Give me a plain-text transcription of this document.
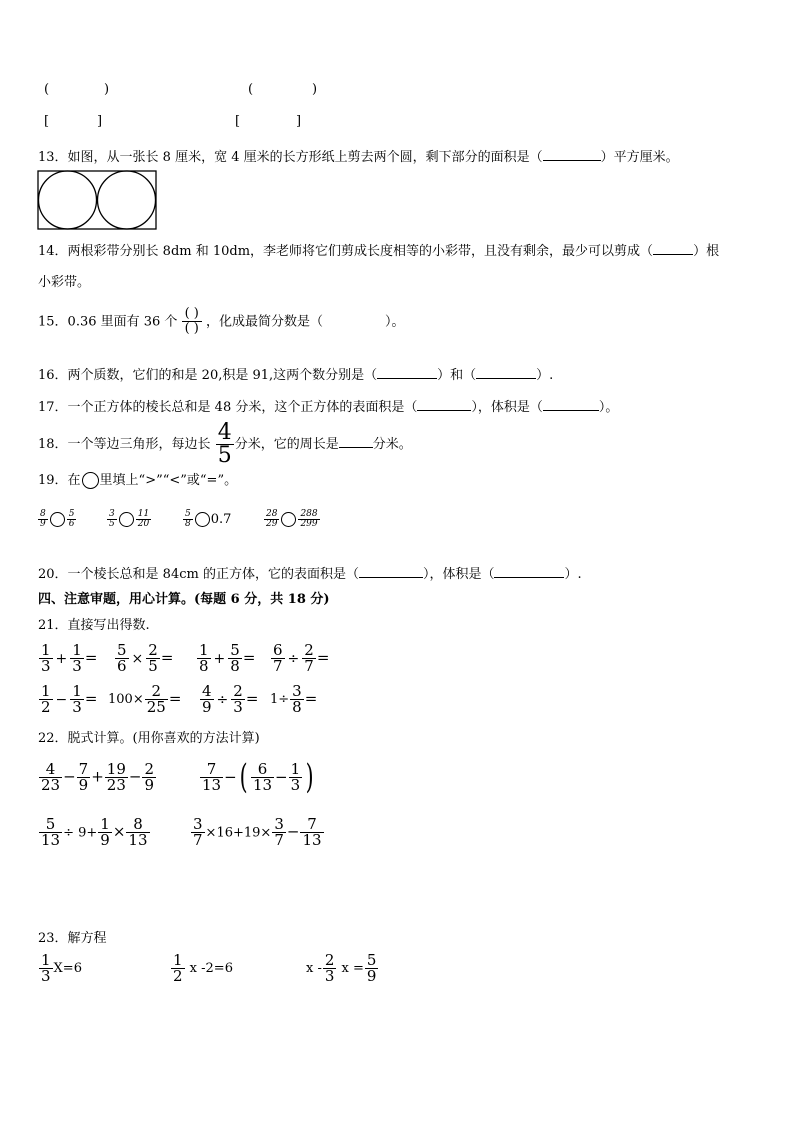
(	)	(	)
[	]	[	]
13．如图，从一张长 8 厘米，宽 4 厘米的长方形纸上剪去两个圆，剩下部分的面积是（	）平方厘米。
14．两根彩带分别长 8dm 和 10dm，李老师将它们剪成长度相等的小彩带，且没有剩余，最少可以剪成（	）根
小彩带。
15．0.36 里面有 36 个 $\frac{( )}{( )}$ ，化成最简分数是（	）。
16．两个质数，它们的和是 20,积是 91,这两个数分别是（	）和（	）.
17．一个正方体的棱长总和是 48 分米，这个正方体的表面积是（	），体积是（	）。
18．一个等边三角形，每边长 $\frac{4}{5}$ 分米，它的周长是	分米。
19．在 里填上“>”“<”或“=”。
$\frac{8}{9} \frac{5}{6}$	$\frac{3}{5} \frac{11}{20}$	$\frac{5}{8} 0.7$	$\frac{28}{29} \frac{288}{299}$
20．一个棱长总和是 84cm 的正方体，它的表面积是（	），体积是（	）.
四、注意审题，用心计算。(每题 6 分，共 18 分)
21．直接写出得数.
$\frac{1}{3} + \frac{1}{3} = \frac{5}{6} \times \frac{2}{5} = \frac{1}{8} + \frac{5}{8} = \frac{6}{7} \div \frac{2}{7}$ =
$\frac{1}{2} - \frac{1}{3} = 100\times \frac{2}{25} = \frac{4}{9} \div \frac{2}{3} = 1\div \frac{3}{8}$ =
22．脱式计算。(用你喜欢的方法计算)
$\frac{4}{23} - \frac{7}{9} + \frac{19}{23} - \frac{2}{9}$	$\frac{7}{13}$ −( $\frac{6}{13} - \frac{1}{3}$ )
$\frac{5}{13} \div 9+ \frac{1}{9} \times \frac{8}{13}$	$\frac{3}{7} \times 16+19\times \frac{3}{7} - \frac{7}{13}$
23．解方程
$\frac{1}{3} X=6$	$\frac{1}{2}$ x -2=6	x - $\frac{2}{3}$ $x = \frac{5}{9}$
